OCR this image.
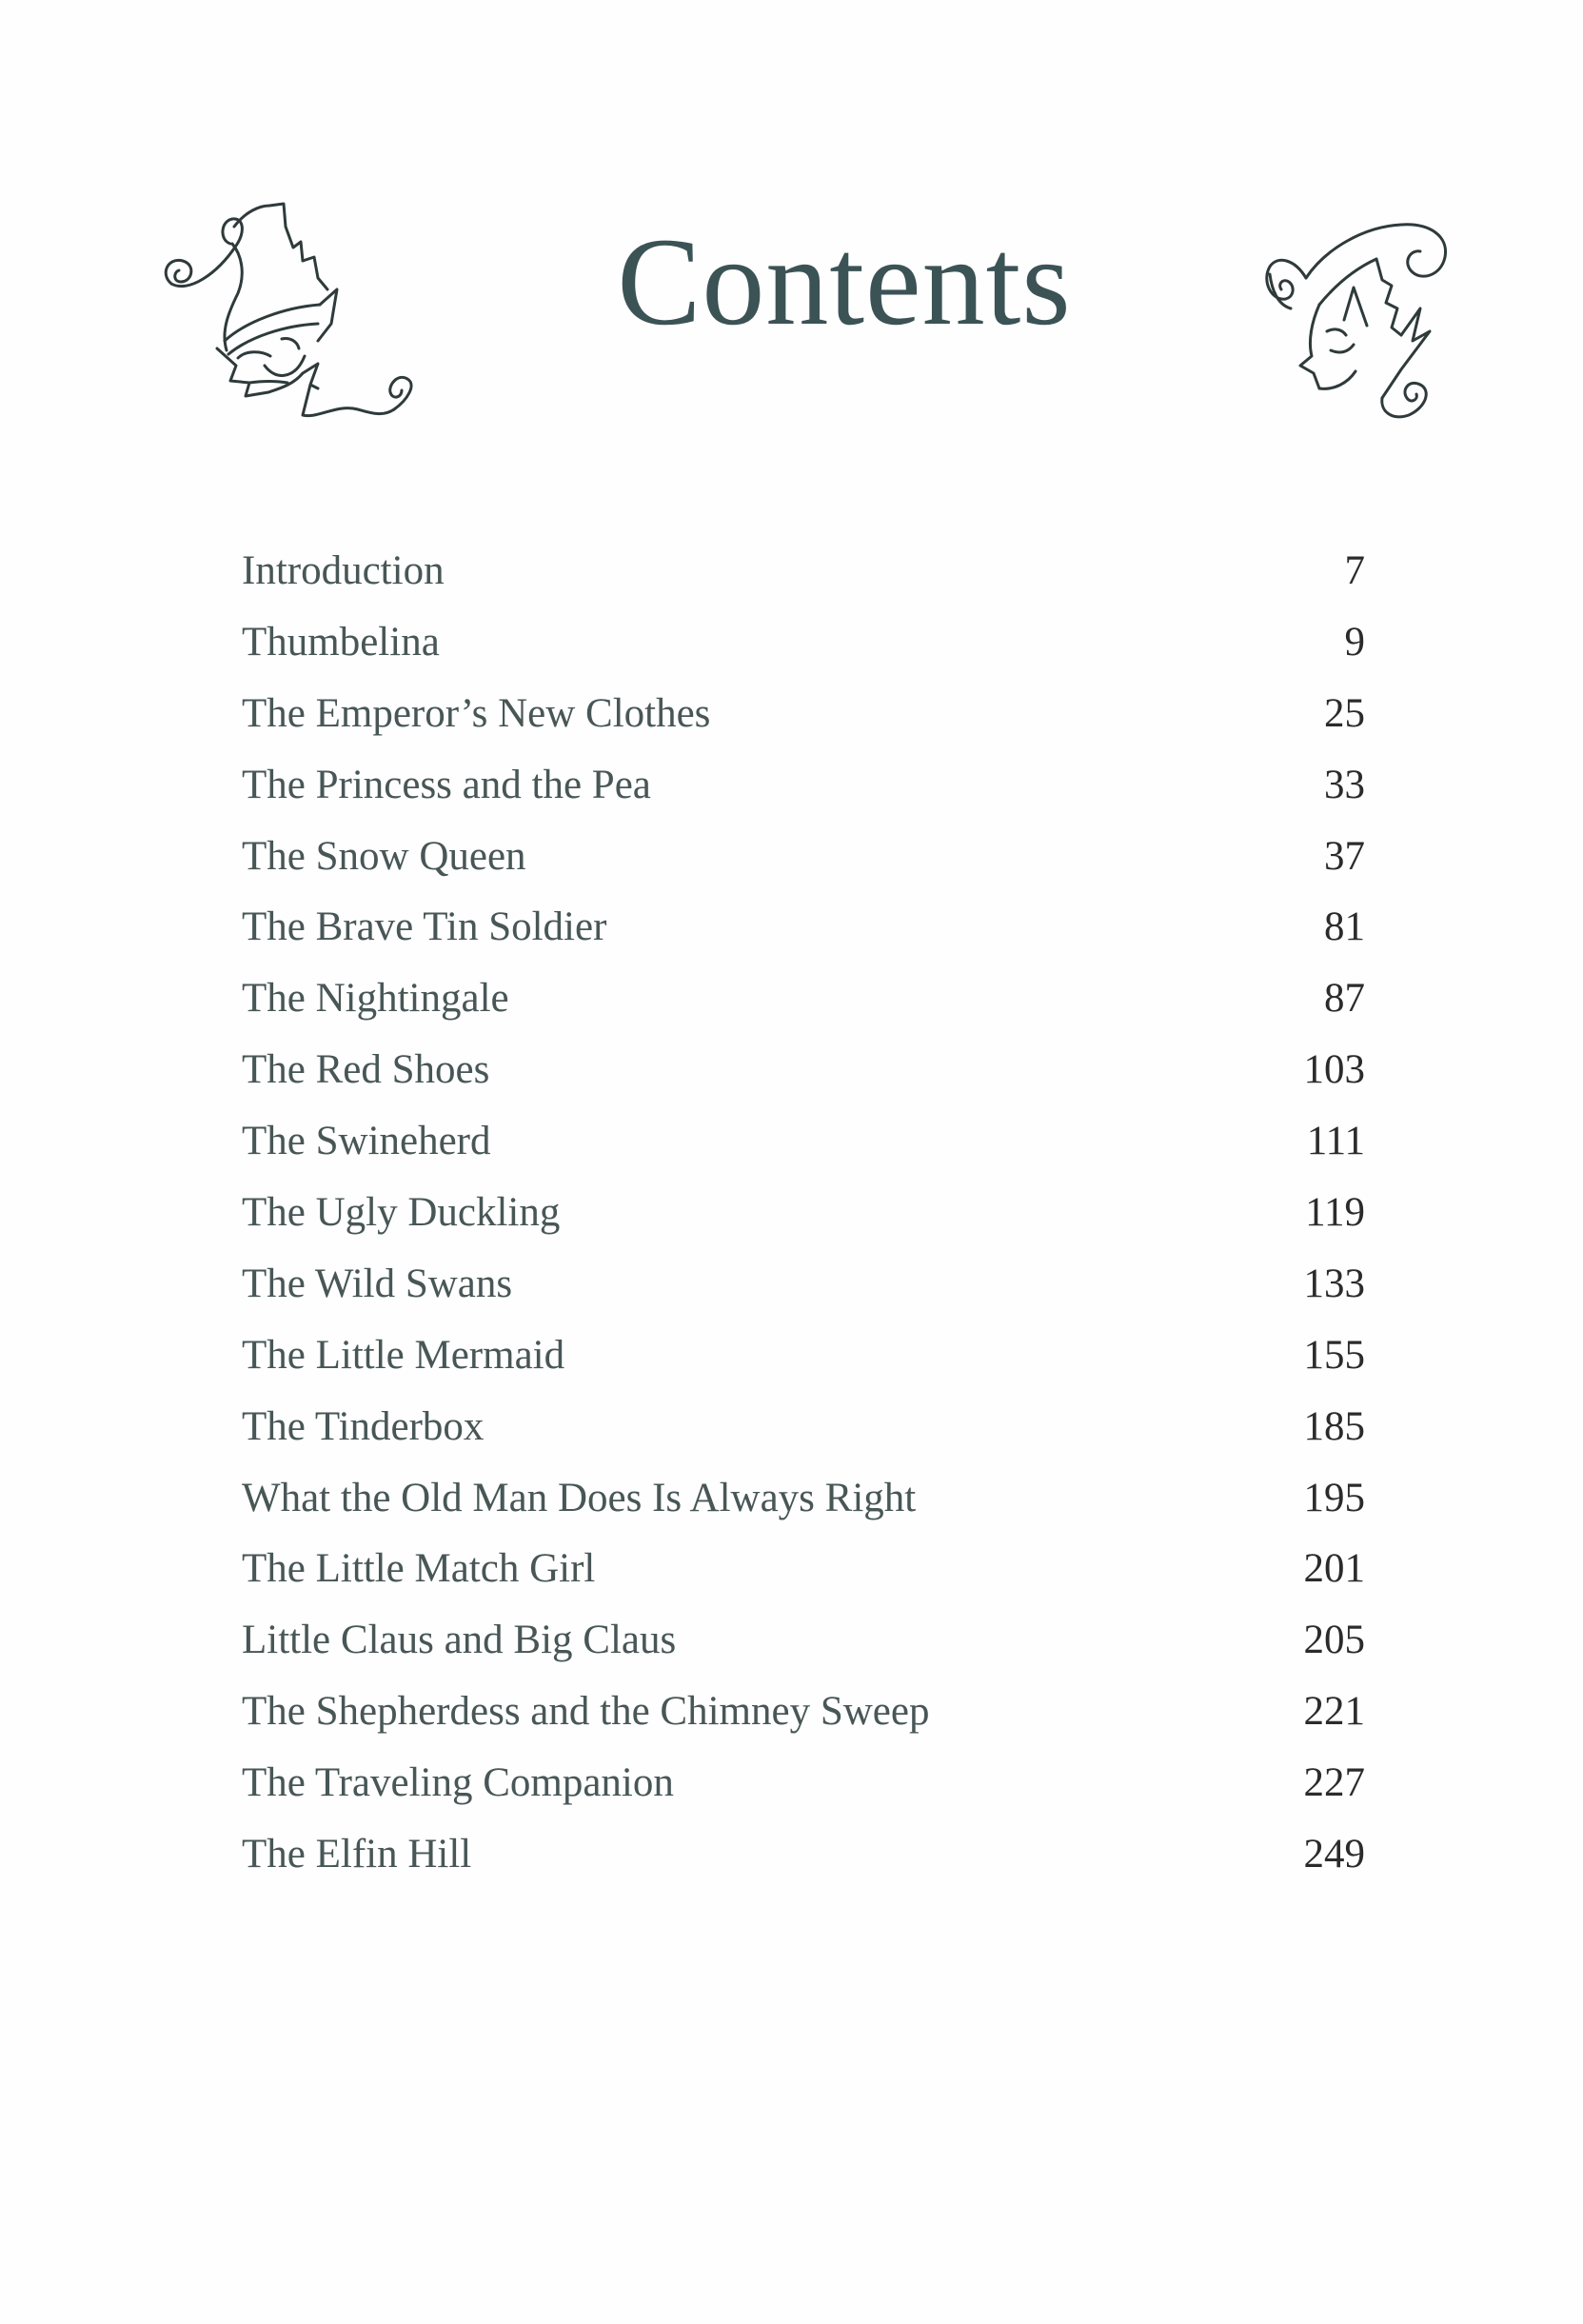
Contents
Introduction	7
Thumbelina	9
The Emperor’s New Clothes	25
The Princess and the Pea	33
The Snow Queen	37
The Brave Tin Soldier	81
The Nightingale	87
The Red Shoes	103
The Swineherd	111
The Ugly Duckling	119
The Wild Swans	133
The Little Mermaid	155
The Tinderbox	185
What the Old Man Does Is Always Right	195
The Little Match Girl	201
Little Claus and Big Claus	205
The Shepherdess and the Chimney Sweep	221
The Traveling Companion	227
The Elfin Hill	249
